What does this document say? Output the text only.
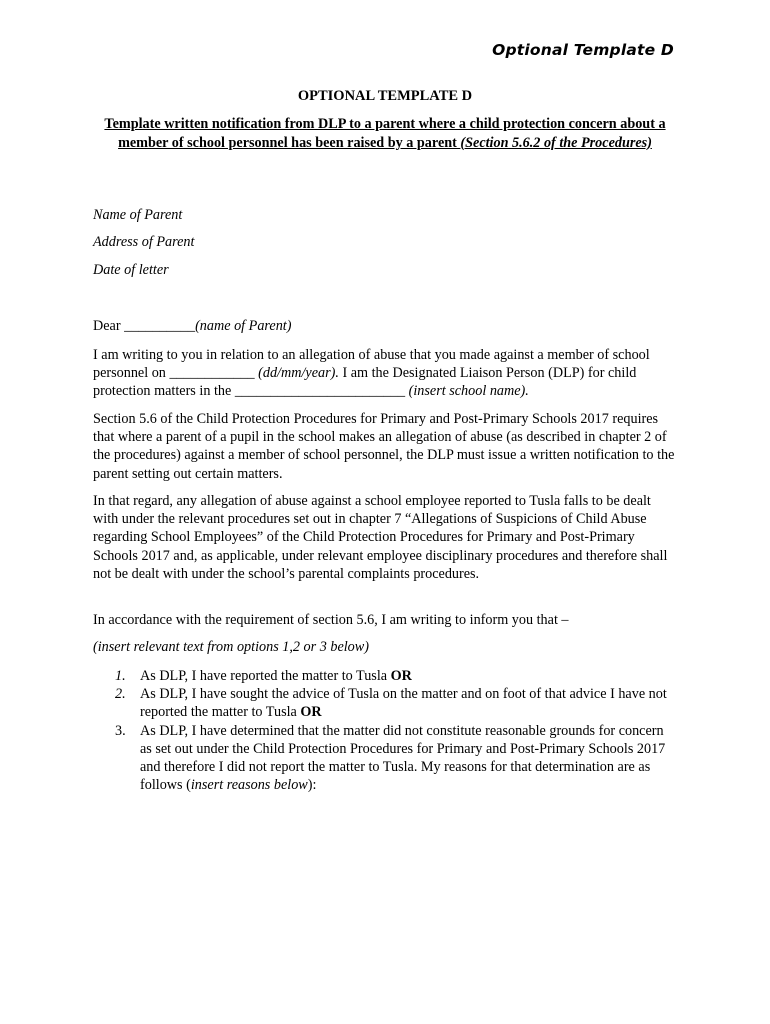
Optional Template D
OPTIONAL TEMPLATE D
Template written notification from DLP to a parent where a child protection concern about a member of school personnel has been raised by a parent (Section 5.6.2 of the Procedures)
Name of Parent
Address of Parent
Date of letter
Dear __________(name of Parent)
I am writing to you in relation to an allegation of abuse that you made against a member of school personnel on ____________ (dd/mm/year). I am the Designated Liaison Person (DLP) for child protection matters in the ________________________ (insert school name).
Section 5.6 of the Child Protection Procedures for Primary and Post-Primary Schools 2017 requires that where a parent of a pupil in the school makes an allegation of abuse (as described in chapter 2 of the procedures) against a member of school personnel, the DLP must issue a written notification to the parent setting out certain matters.
In that regard, any allegation of abuse against a school employee reported to Tusla falls to be dealt with under the relevant procedures set out in chapter 7 “Allegations of Suspicions of Child Abuse regarding School Employees” of the Child Protection Procedures for Primary and Post-Primary Schools 2017 and, as applicable, under relevant employee disciplinary procedures and therefore shall not be dealt with under the school’s parental complaints procedures.
In accordance with the requirement of section 5.6, I am writing to inform you that –
(insert relevant text from options 1,2 or 3 below)
1. As DLP, I have reported the matter to Tusla OR
2. As DLP, I have sought the advice of Tusla on the matter and on foot of that advice I have not reported the matter to Tusla OR
3. As DLP, I have determined that the matter did not constitute reasonable grounds for concern as set out under the Child Protection Procedures for Primary and Post-Primary Schools 2017 and therefore I did not report the matter to Tusla. My reasons for that determination are as follows (insert reasons below):
